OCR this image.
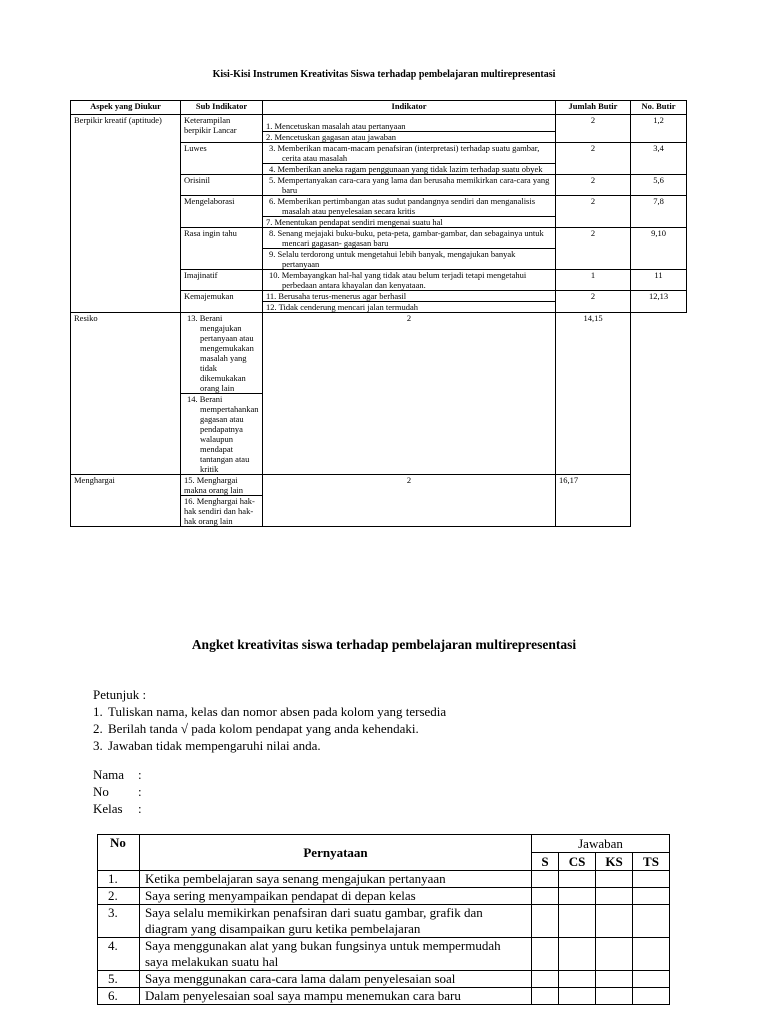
Kisi-Kisi Instrumen Kreativitas Siswa terhadap pembelajaran multirepresentasi
Aspek yang Diukur	Sub Indikator	Indikator	Jumlah Butir	No. Butir
Berpikir kreatif (aptitude)	Keterampilan berpikir Lancar	1. Mencetuskan masalah atau pertanyaan	2	1,2
		2. Mencetuskan gagasan atau jawaban		
	Luwes	3. Memberikan macam-macam penafsiran (interpretasi) terhadap suatu gambar, cerita atau masalah	2	3,4

		4. Memberikan aneka ragam penggunaan yang tidak lazim terhadap suatu obyek		

	Orisinil	5. Mempertanyakan cara-cara yang lama dan berusaha memikirkan cara-cara yang baru	2	5,6
	Mengelaborasi	6. Memberikan pertimbangan atas sudut pandangnya sendiri dan menganalisis masalah atau penyelesaian secara kritis	2	7,8
		7. Menentukan pendapat sendiri mengenai suatu hal		
	Rasa ingin tahu	8. Senang mejajaki buku-buku, peta-peta, gambar-gambar, dan sebagainya untuk mencari gagasan- gagasan baru	2	9,10

		9. Selalu terdorong untuk mengetahui lebih banyak, mengajukan banyak pertanyaan		

	Imajinatif	10. Membayangkan hal-hal yang tidak atau belum terjadi tetapi mengetahui perbedaan antara khayalan dan kenyataan.	1	11
	Kemajemukan	11. Berusaha terus-menerus agar berhasil	2	12,13
		12. Tidak cenderung mencari jalan termudah		
Resiko	13. Berani mengajukan pertanyaan atau mengemukakan masalah yang tidak dikemukakan orang lain	2	14,15	

	14. Berani mempertahankan gagasan atau pendapatnya walaupun mendapat tantangan atau kritik			

Menghargai	15. Menghargai makna orang lain	2	16,17	
	16. Menghargai hak-hak sendiri dan hak-hak orang lain			
Angket kreativitas siswa terhadap pembelajaran multirepresentasi
Petunjuk :
1. Tuliskan nama, kelas dan nomor absen pada kolom yang tersedia
2. Berilah tanda √ pada kolom pendapat yang anda kehendaki.
3. Jawaban tidak mempengaruhi nilai anda.
Nama :
No :
Kelas :
No	Pernyataan	Jawaban			
		S	CS	KS	TS
1.	Ketika pembelajaran saya senang mengajukan pertanyaan				
2.	Saya sering menyampaikan pendapat di depan kelas				
3.	Saya selalu memikirkan penafsiran dari suatu gambar, grafik dan diagram yang disampaikan guru ketika pembelajaran				
4.	Saya menggunakan alat yang bukan fungsinya untuk mempermudah saya melakukan suatu hal				
5.	Saya menggunakan cara-cara lama dalam penyelesaian soal				
6.	Dalam penyelesaian soal saya mampu menemukan cara baru				
